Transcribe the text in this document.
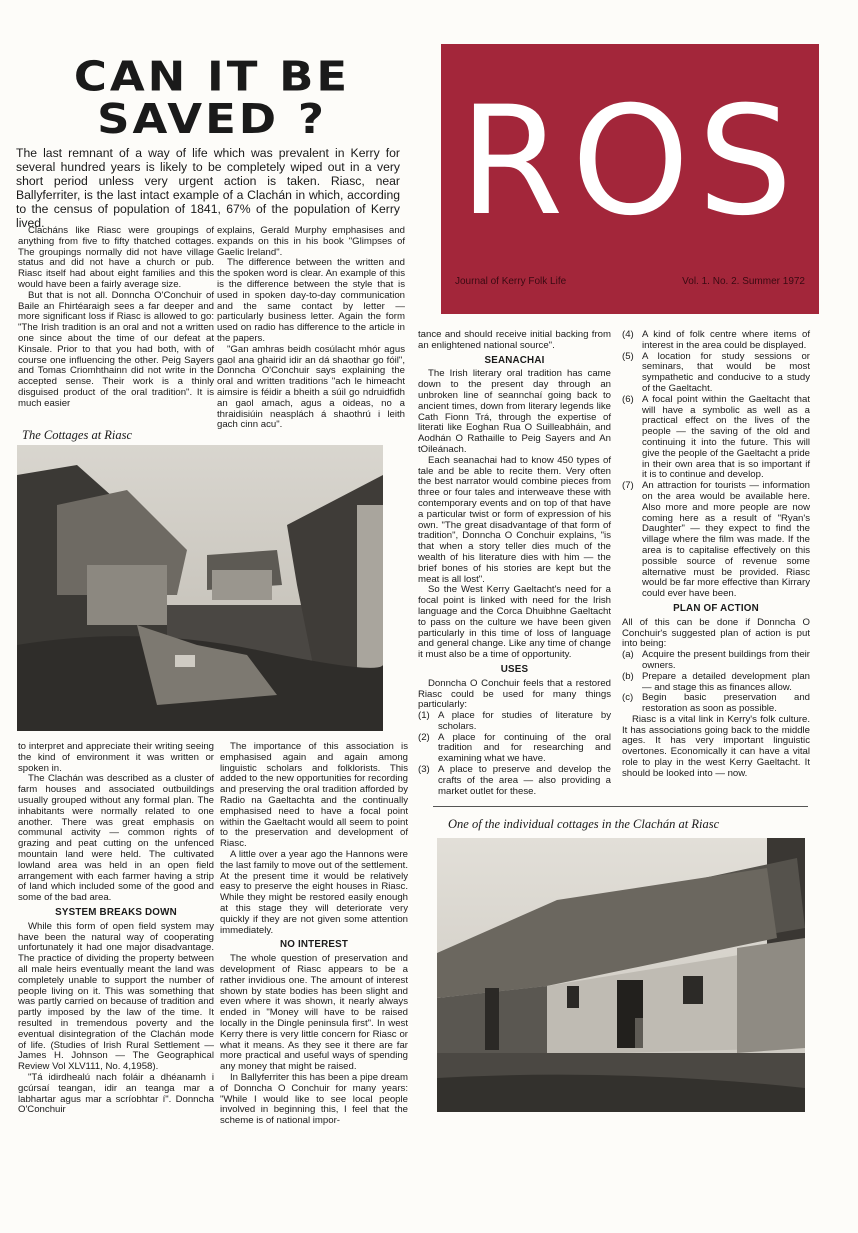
CAN IT BE
SAVED ?
The last remnant of a way of life which was prevalent in Kerry for several hundred years is likely to be completely wiped out in a very short period unless very urgent action is taken. Riasc, near Ballyferriter, is the last intact example of a Clachán in which, according to the census of population of 1841, 67% of the population of Kerry lived.	ROS
Journal of Kerry Folk Life	Vol. 1. No. 2. Summer 1972

Clacháns like Riasc were groupings of anything from five to fifty thatched cottages. The groupings normally did not have village status and did not have a church or pub. Riasc itself had about eight families and this would have been a fairly average size.

But that is not all. Donncha O'Conchuir of Baile an Fhirtéaraigh sees a far deeper and more significant loss if Riasc is allowed to go: "The Irish tradition is an oral and not a written one since about the time of our defeat at Kinsale. Prior to that you had both, with of course one influencing the other. Peig Sayers and Tomas Criomhthainn did not write in the accepted sense. Their work is a thinly disguised product of the oral tradition". It is much easier

explains, Gerald Murphy emphasises and expands on this in his book "Glimpses of Gaelic Ireland".

The difference between the written and the spoken word is clear. An example of this is the difference between the style that is used in spoken day-to-day communication and the same contact by letter — particularly business letter. Again the form used on radio has difference to the article in the papers.

"Gan amhras beidh cosúlacht mhór agus gaol ana ghairid idir an dá shaothar go fóil", Donncha O'Conchuir says explaining the oral and written traditions "ach le himeacht aimsire is féidir a bheith a súil go ndruidfidh an gaol amach, agus a oideas, no a thraidisiúin neasplách á shaothrú i leith gach cinn acu".

The Cottages at Riasc

to interpret and appreciate their writing seeing the kind of environment it was written or spoken in.

The Clachán was described as a cluster of farm houses and associated outbuildings usually grouped without any formal plan. The inhabitants were normally related to one another. There was great emphasis on communal activity — common rights of grazing and peat cutting on the unfenced mountain land were held. The cultivated lowland area was held in an open field arrangement with each farmer having a strip of land which included some of the good and some of the bad area.

SYSTEM BREAKS DOWN

While this form of open field system may have been the natural way of cooperating unfortunately it had one major disadvantage. The practice of dividing the property between all male heirs eventually meant the land was completely unable to support the number of people living on it. This was something that was partly carried on because of tradition and partly imposed by the law of the time. It resulted in tremendous poverty and the eventual disintegration of the Clachán mode of life. (Studies of Irish Rural Settlement — James H. Johnson — The Geographical Review Vol XLV111, No. 4,1958).

"Tá idirdhealú nach foláir a dhéanamh i gcúrsaí teangan, idir an teanga mar a labhartar agus mar a scríobhtar í". Donncha O'Conchuir

The importance of this association is emphasised again and again among linguistic scholars and folklorists. This added to the new opportunities for recording and preserving the oral tradition afforded by Radio na Gaeltachta and the continually emphasised need to have a focal point within the Gaeltacht would all seem to point to the preservation and development of Riasc.

A little over a year ago the Hannons were the last family to move out of the settlement. At the present time it would be relatively easy to preserve the eight houses in Riasc. While they might be restored easily enough at this stage they will deteriorate very quickly if they are not given some attention immediately.

NO INTEREST

The whole question of preservation and development of Riasc appears to be a rather invidious one. The amount of interest shown by state bodies has been slight and even where it was shown, it nearly always ended in "Money will have to be raised locally in the Dingle peninsula first". In west Kerry there is very little concern for Riasc or what it means. As they see it there are far more practical and useful ways of spending any money that might be raised.

In Ballyferriter this has been a pipe dream of Donncha O Conchuir for many years: "While I would like to see local people involved in beginning this, I feel that the scheme is of national impor-

tance and should receive initial backing from an enlightened national source".

SEANACHAI

The Irish literary oral tradition has came down to the present day through an unbroken line of seannchaí going back to ancient times, down from literary legends like Cath Fionn Trá, through the expertise of literati like Eoghan Rua O Suilleabháin, and Aodhán O Rathaille to Peig Sayers and An tOileánach.

Each seanachai had to know 450 types of tale and be able to recite them. Very often the best narrator would combine pieces from three or four tales and interweave these with contemporary events and on top of that have a particular twist or form of expression of his own. "The great disadvantage of that form of tradition", Donncha O Conchuir explains, "is that when a story teller dies much of the wealth of his literature dies with him — the brief bones of his stories are kept but the meat is all lost".

So the West Kerry Gaeltacht's need for a focal point is linked with need for the Irish language and the Corca Dhuibhne Gaeltacht to pass on the culture we have been given particularly in this time of loss of language and general change. Like any time of change it must also be a time of opportunity.

USES

Donncha O Conchuir feels that a restored Riasc could be used for many things particularly:

(1) A place for studies of literature by scholars.
(2) A place for continuing of the oral tradition and for researching and examining what we have.
(3) A place to preserve and develop the crafts of the area — also providing a market outlet for these.
(4) A kind of folk centre where items of interest in the area could be displayed.
(5) A location for study sessions or seminars, that would be most sympathetic and conducive to a study of the Gaeltacht.
(6) A focal point within the Gaeltacht that will have a symbolic as well as a practical effect on the lives of the people — the saving of the old and continuing it into the future. This will give the people of the Gaeltacht a pride in their own area that is so important if it is to continue and develop.
(7) An attraction for tourists — information on the area would be available here. Also more and more people are now coming here as a result of "Ryan's Daughter" — they expect to find the village where the film was made. If the area is to capitalise effectively on this possible source of revenue some alternative must be provided. Riasc would be far more effective than Kirrary could ever have been.
PLAN OF ACTION

All of this can be done if Donncha O Conchuir's suggested plan of action is put into being:

(a) Acquire the present buildings from their owners.
(b) Prepare a detailed development plan — and stage this as finances allow.
(c) Begin basic preservation and restoration as soon as possible.

Riasc is a vital link in Kerry's folk culture. It has associations going back to the middle ages. It has very important linguistic overtones. Economically it can have a vital role to play in the west Kerry Gaeltacht. It should be looked into — now.

One of the individual cottages in the Clachán at Riasc
